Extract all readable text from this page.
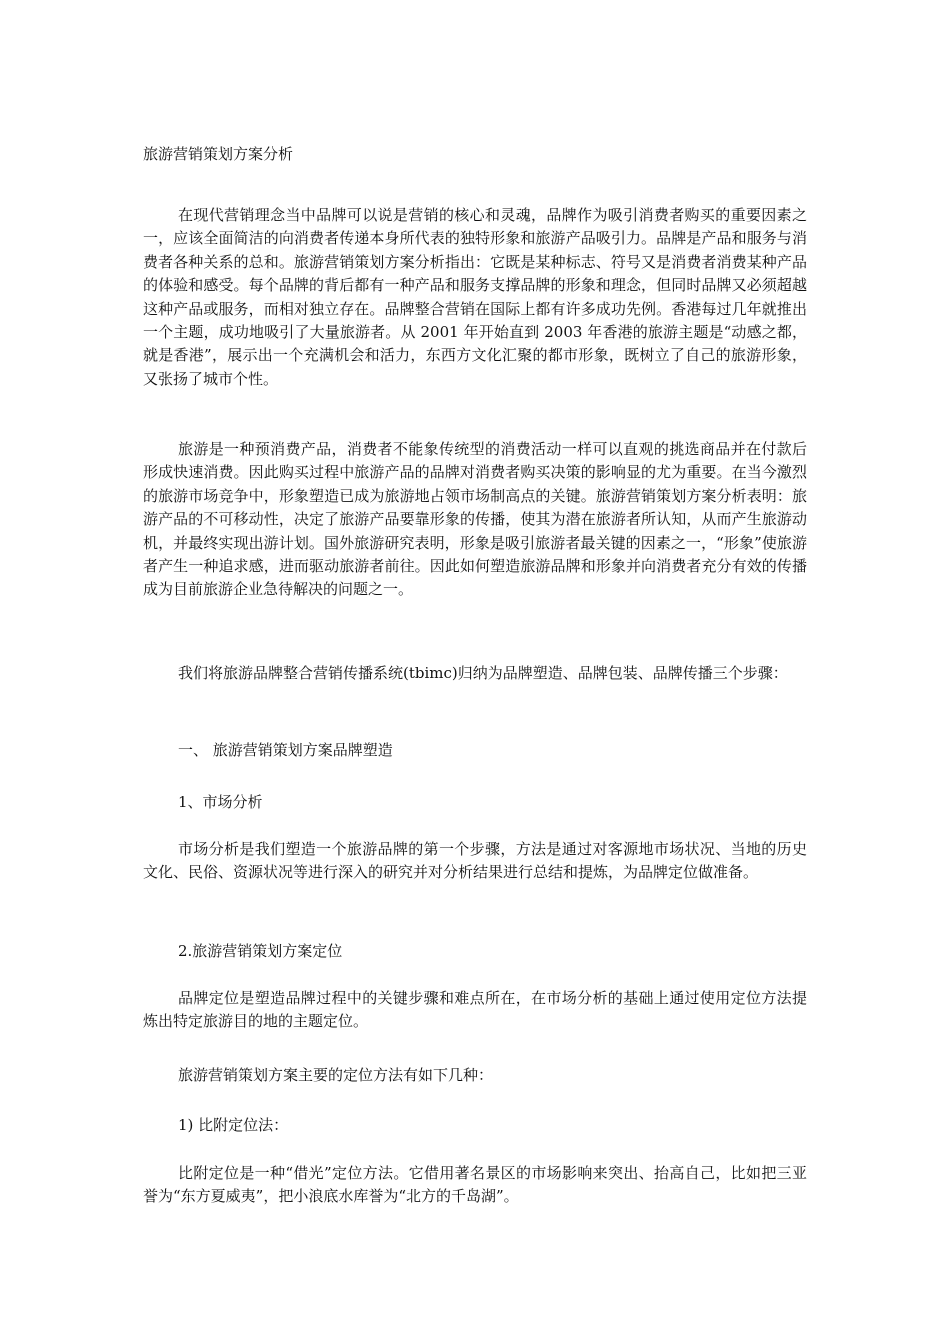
旅游营销策划方案分析

在现代营销理念当中品牌可以说是营销的核心和灵魂，品牌作为吸引消费者购买的重要因素之一，应该全面简洁的向消费者传递本身所代表的独特形象和旅游产品吸引力。品牌是产品和服务与消费者各种关系的总和。旅游营销策划方案分析指出：它既是某种标志、符号又是消费者消费某种产品的体验和感受。每个品牌的背后都有一种产品和服务支撑品牌的形象和理念，但同时品牌又必须超越这种产品或服务，而相对独立存在。品牌整合营销在国际上都有许多成功先例。香港每过几年就推出一个主题，成功地吸引了大量旅游者。从 2001 年开始直到 2003 年香港的旅游主题是“动感之都，就是香港”，展示出一个充满机会和活力，东西方文化汇聚的都市形象，既树立了自己的旅游形象，又张扬了城市个性。

旅游是一种预消费产品，消费者不能象传统型的消费活动一样可以直观的挑选商品并在付款后形成快速消费。因此购买过程中旅游产品的品牌对消费者购买决策的影响显的尤为重要。在当今激烈的旅游市场竞争中，形象塑造已成为旅游地占领市场制高点的关键。旅游营销策划方案分析表明：旅游产品的不可移动性，决定了旅游产品要靠形象的传播，使其为潜在旅游者所认知，从而产生旅游动机，并最终实现出游计划。国外旅游研究表明，形象是吸引旅游者最关键的因素之一，“形象”使旅游者产生一种追求感，进而驱动旅游者前往。因此如何塑造旅游品牌和形象并向消费者充分有效的传播成为目前旅游企业急待解决的问题之一。

我们将旅游品牌整合营销传播系统(tbimc)归纳为品牌塑造、品牌包装、品牌传播三个步骤：

一、 旅游营销策划方案品牌塑造

1、市场分析

市场分析是我们塑造一个旅游品牌的第一个步骤，方法是通过对客源地市场状况、当地的历史文化、民俗、资源状况等进行深入的研究并对分析结果进行总结和提炼，为品牌定位做准备。

2.旅游营销策划方案定位

品牌定位是塑造品牌过程中的关键步骤和难点所在，在市场分析的基础上通过使用定位方法提炼出特定旅游目的地的主题定位。

旅游营销策划方案主要的定位方法有如下几种：

1) 比附定位法：

比附定位是一种“借光”定位方法。它借用著名景区的市场影响来突出、抬高自己，比如把三亚誉为“东方夏威夷”，把小浪底水库誉为“北方的千岛湖”。
